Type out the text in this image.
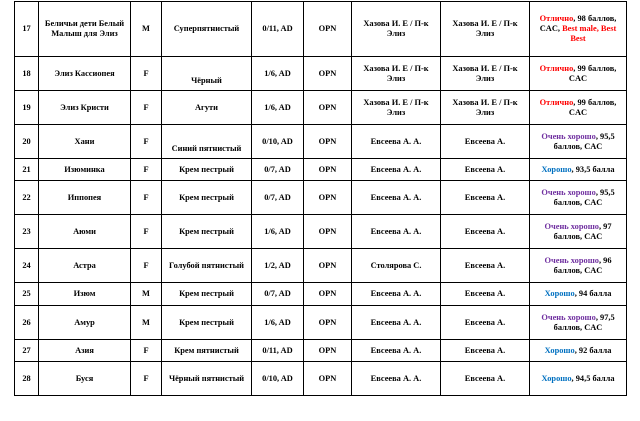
17	Беличьи дети Белый Малыш для Элиз	M	Суперпятнистый	0/11, AD	OPN	Хазова И. Е / П-к Элиз	Хазова И. Е / П-к Элиз	Отлично, 98 баллов, CAC, Best male, Best Best
18	Элиз Кассиопея	F	Чёрный	1/6, AD	OPN	Хазова И. Е / П-к Элиз	Хазова И. Е / П-к Элиз	Отлично, 99 баллов, CAC
19	Элиз Кристи	F	Агути	1/6, AD	OPN	Хазова И. Е / П-к Элиз	Хазова И. Е / П-к Элиз	Отлично, 99 баллов, CAC
20	Хани	F	Синий пятнистый	0/10, AD	OPN	Евсеева А. А.	Евсеева А.	Очень хорошо, 95,5 баллов, CAC
21	Изюминка	F	Крем пестрый	0/7, AD	OPN	Евсеева А. А.	Евсеева А.	Хорошо, 93,5 балла
22	Иппопея	F	Крем пестрый	0/7, AD	OPN	Евсеева А. А.	Евсеева А.	Очень хорошо, 95,5 баллов, CAC
23	Аюми	F	Крем пестрый	1/6, AD	OPN	Евсеева А. А.	Евсеева А.	Очень хорошо, 97 баллов, CAC
24	Астра	F	Голубой пятнистый	1/2, AD	OPN	Столярова С.	Евсеева А.	Очень хорошо, 96 баллов, CAC
25	Изюм	M	Крем пестрый	0/7, AD	OPN	Евсеева А. А.	Евсеева А.	Хорошо, 94 балла
26	Амур	M	Крем пестрый	1/6, AD	OPN	Евсеева А. А.	Евсеева А.	Очень хорошо, 97,5 баллов, CAC
27	Азия	F	Крем пятнистый	0/11, AD	OPN	Евсеева А. А.	Евсеева А.	Хорошо, 92 балла
28	Буся	F	Чёрный пятнистый	0/10, AD	OPN	Евсеева А. А.	Евсеева А.	Хорошо, 94,5 балла
